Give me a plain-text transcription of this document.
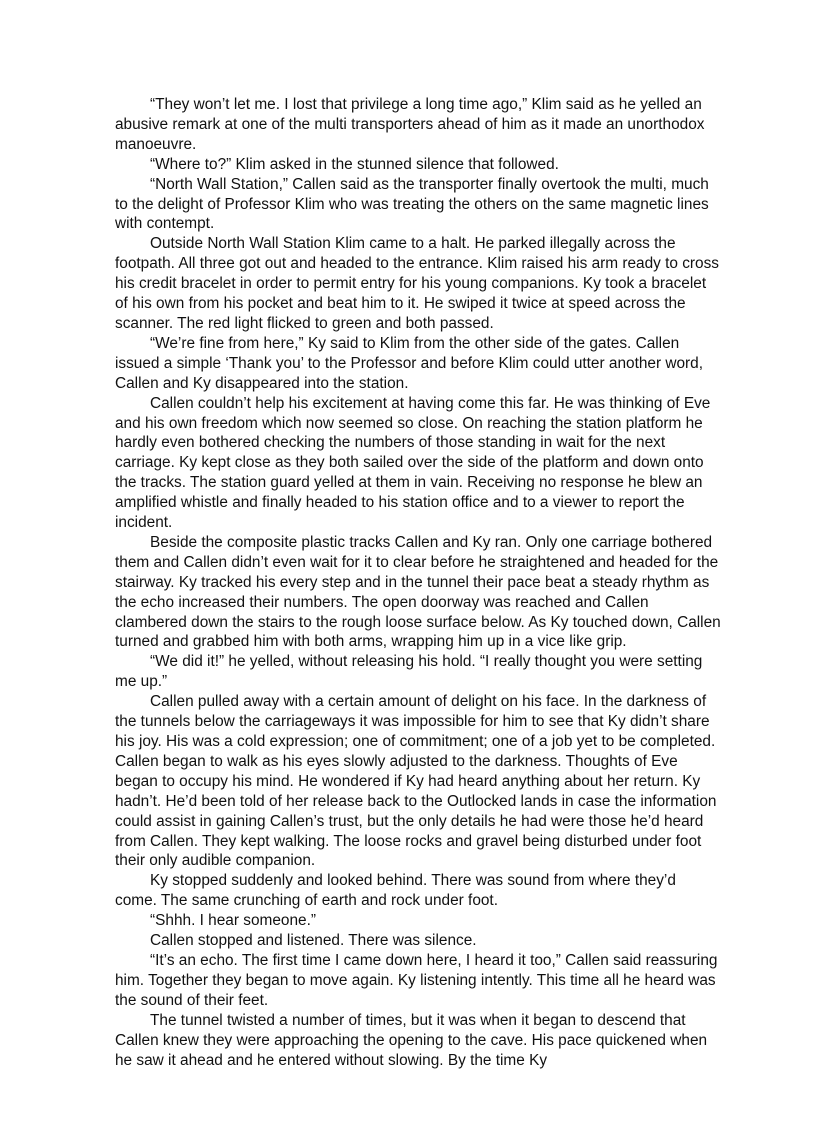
“They won’t let me. I lost that privilege a long time ago,” Klim said as he yelled an abusive remark at one of the multi transporters ahead of him as it made an unorthodox manoeuvre.

“Where to?” Klim asked in the stunned silence that followed.

“North Wall Station,” Callen said as the transporter finally overtook the multi, much to the delight of Professor Klim who was treating the others on the same magnetic lines with contempt.

Outside North Wall Station Klim came to a halt. He parked illegally across the footpath. All three got out and headed to the entrance. Klim raised his arm ready to cross his credit bracelet in order to permit entry for his young companions. Ky took a bracelet of his own from his pocket and beat him to it. He swiped it twice at speed across the scanner. The red light flicked to green and both passed.

“We’re fine from here,” Ky said to Klim from the other side of the gates. Callen issued a simple ‘Thank you’ to the Professor and before Klim could utter another word, Callen and Ky disappeared into the station.

Callen couldn’t help his excitement at having come this far. He was thinking of Eve and his own freedom which now seemed so close. On reaching the station platform he hardly even bothered checking the numbers of those standing in wait for the next carriage. Ky kept close as they both sailed over the side of the platform and down onto the tracks. The station guard yelled at them in vain. Receiving no response he blew an amplified whistle and finally headed to his station office and to a viewer to report the incident.

Beside the composite plastic tracks Callen and Ky ran. Only one carriage bothered them and Callen didn’t even wait for it to clear before he straightened and headed for the stairway. Ky tracked his every step and in the tunnel their pace beat a steady rhythm as the echo increased their numbers. The open doorway was reached and Callen clambered down the stairs to the rough loose surface below. As Ky touched down, Callen turned and grabbed him with both arms, wrapping him up in a vice like grip.

“We did it!” he yelled, without releasing his hold. “I really thought you were setting me up.”

Callen pulled away with a certain amount of delight on his face. In the darkness of the tunnels below the carriageways it was impossible for him to see that Ky didn’t share his joy. His was a cold expression; one of commitment; one of a job yet to be completed. Callen began to walk as his eyes slowly adjusted to the darkness. Thoughts of Eve began to occupy his mind. He wondered if Ky had heard anything about her return. Ky hadn’t. He’d been told of her release back to the Outlocked lands in case the information could assist in gaining Callen’s trust, but the only details he had were those he’d heard from Callen. They kept walking. The loose rocks and gravel being disturbed under foot their only audible companion.

Ky stopped suddenly and looked behind. There was sound from where they’d come. The same crunching of earth and rock under foot.

“Shhh. I hear someone.”

Callen stopped and listened. There was silence.

“It’s an echo. The first time I came down here, I heard it too,” Callen said reassuring him. Together they began to move again. Ky listening intently. This time all he heard was the sound of their feet.

The tunnel twisted a number of times, but it was when it began to descend that Callen knew they were approaching the opening to the cave. His pace quickened when he saw it ahead and he entered without slowing. By the time Ky
